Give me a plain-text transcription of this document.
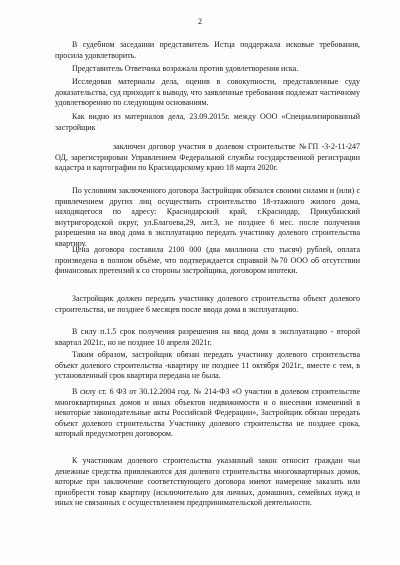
2

В судебном заседании представитель Истца поддержала исковые требования, просила удовлетворить.

Представитель Ответчика возражала против удовлетворения иска.

Исследовав материалы дела, оценив в совокупности, представленные суду доказательства, суд приходит к выводу, что заявленные требования подлежат частичному удовлетворению по следующим основаниям.

Как видно из материалов дела, 23.09.2015г. между ООО «Специализированный застройщик

заключен договор участия в долевом строительстве №ГП -3-2-11-247 ОД, зарегистрирован Управлением Федеральной службы государственной регистрации кадастра и картографии по Краснодарскому краю 18 марта 2020г.

По условиям заключенного договора Застройщик обязался своими силами и (или) с привлечением других лиц осуществить строительство 18-этажного жилого дома, находящегося по адресу: Краснодарский край, г.Краснодар, Прикубанский внутригородской округ, ул.Благоева,29, лит.3, не позднее 6 мес. после получения разрешения на ввод дома в эксплуатацию передать участнику долевого строительства квартиру.

Цена договора составила 2100 000 (два миллиона сто тысяч) рублей, оплата произведена в полном объёме, что подтверждается справкой №70 ООО об отсутствии финансовых претензий к со стороны застройщика, договором ипотеки.

Застройщик должен передать участнику долевого строительства объект долевого строительства, не позднее 6 месяцев после ввода дома в эксплуатацию.

В силу п.1.5 срок получения разрешения на ввод дома в эксплуатацию - второй квартал 2021г., но не позднее 10 апреля 2021г.

Таким образом, застройщик обязан передать участнику долевого строительства объект долевого строительства -квартиру не позднее 11 октября 2021г., вместе с тем, в установленный срок квартира передана не была.

В силу ст. 6 ФЗ от 30.12.2004 год. № 214-ФЗ «О участии в долевом строительстве многоквартирных домов и иных объектов недвижимости и о внесении изменений в некоторые законодательные акты Российской Федерации», Застройщик обязан передать объект долевого строительства Участнику долевого строительства не позднее срока, который предусмотрен договором.

К участникам долевого строительства указанный закон относит граждан чьи денежные средства привлекаются для долевого строительства многоквартирных домов, которые при заключение соответствующего договора имеют намерение заказать или приобрести товар квартиру (исключительно для личных, домашних, семейных нужд и иных не связанных с осуществлением предпринимательской деятельности.
